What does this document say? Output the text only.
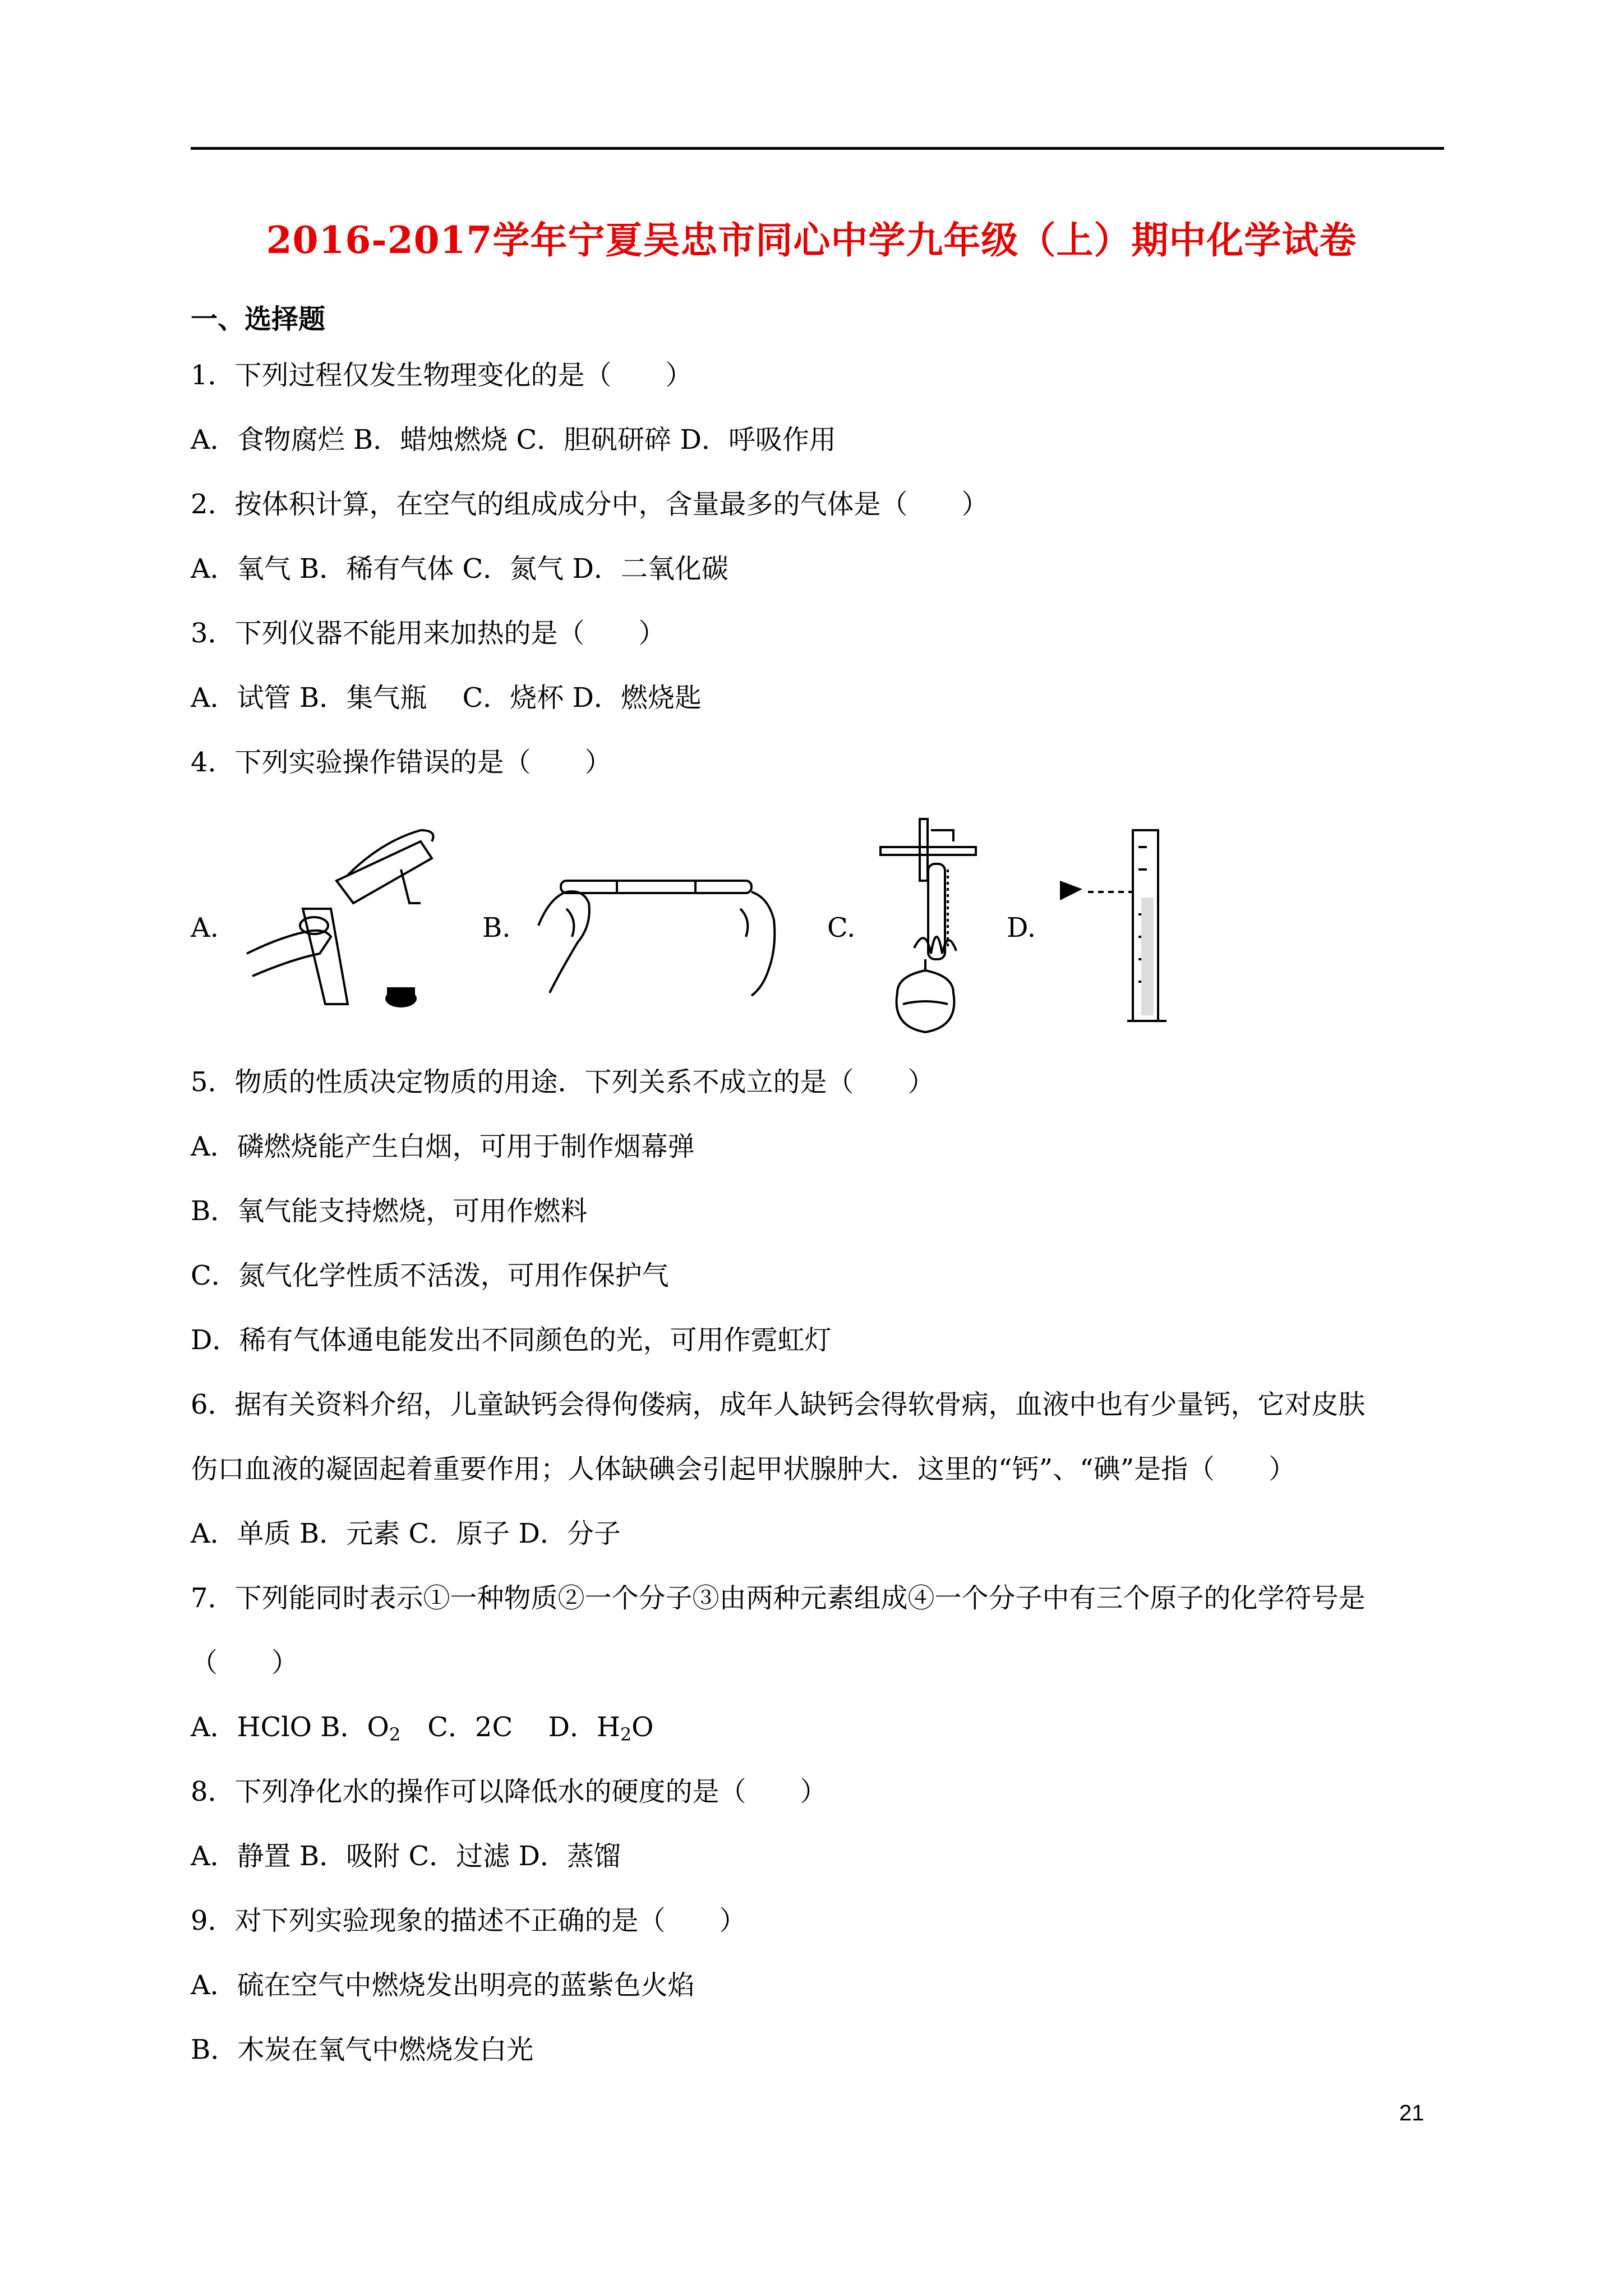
2016-2017学年宁夏吴忠市同心中学九年级（上）期中化学试卷
一、选择题
1．下列过程仅发生物理变化的是（　　）
A．食物腐烂 B．蜡烛燃烧 C．胆矾研碎 D．呼吸作用
2．按体积计算，在空气的组成成分中，含量最多的气体是（　　）
A．氧气 B．稀有气体 C．氮气 D．二氧化碳
3．下列仪器不能用来加热的是（　　）
A．试管 B．集气瓶　 C．烧杯 D．燃烧匙
4．下列实验操作错误的是（　　）
A.	B.	C.	D.
5．物质的性质决定物质的用途．下列关系不成立的是（　　）
A．磷燃烧能产生白烟，可用于制作烟幕弹
B．氧气能支持燃烧，可用作燃料
C．氮气化学性质不活泼，可用作保护气
D．稀有气体通电能发出不同颜色的光，可用作霓虹灯
6．据有关资料介绍，儿童缺钙会得佝偻病，成年人缺钙会得软骨病，血液中也有少量钙，它对皮肤
伤口血液的凝固起着重要作用；人体缺碘会引起甲状腺肿大．这里的“钙”、“碘”是指（　　）
A．单质 B．元素 C．原子 D．分子
7．下列能同时表示①一种物质②一个分子③由两种元素组成④一个分子中有三个原子的化学符号是
（　　）
A．HClO B．$O_2$　C．2C　 D．$H_2O$
8．下列净化水的操作可以降低水的硬度的是（　　）
A．静置 B．吸附 C．过滤 D．蒸馏
9．对下列实验现象的描述不正确的是（　　）
A．硫在空气中燃烧发出明亮的蓝紫色火焰
B．木炭在氧气中燃烧发白光
21
